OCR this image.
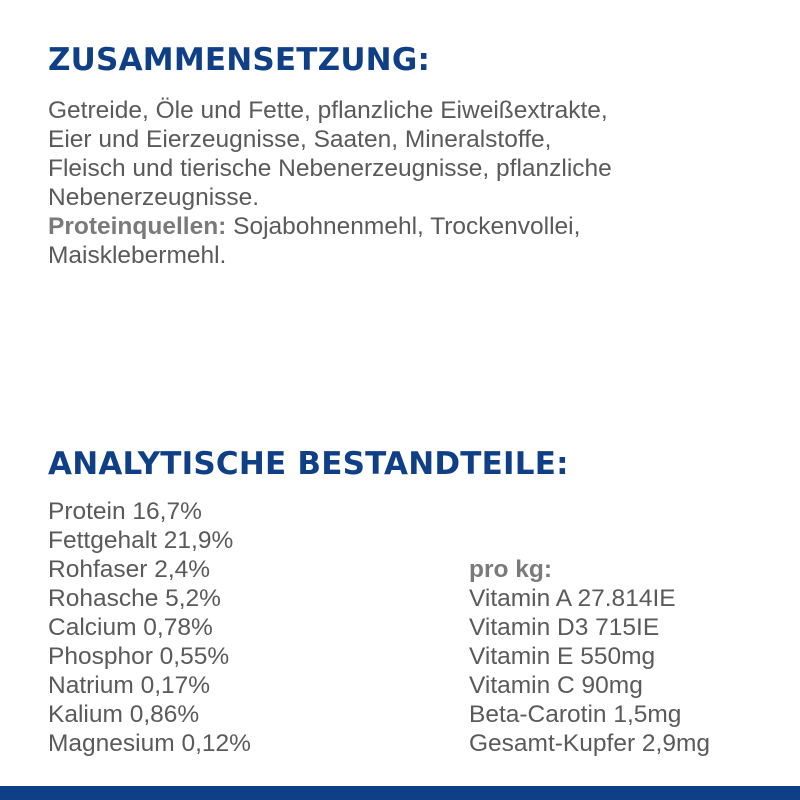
ZUSAMMENSETZUNG:
Getreide, Öle und Fette, pflanzliche Eiweißextrakte,
Eier und Eierzeugnisse, Saaten, Mineralstoffe,
Fleisch und tierische Nebenerzeugnisse, pflanzliche
Nebenerzeugnisse.
Proteinquellen: Sojabohnenmehl, Trockenvollei,
Maisklebermehl.
ANALYTISCHE BESTANDTEILE:
Protein 16,7%
Fettgehalt 21,9%
Rohfaser 2,4%
Rohasche 5,2%
Calcium 0,78%
Phosphor 0,55%
Natrium 0,17%
Kalium 0,86%
Magnesium 0,12%
pro kg:
Vitamin A 27.814IE
Vitamin D3 715IE
Vitamin E 550mg
Vitamin C 90mg
Beta-Carotin 1,5mg
Gesamt-Kupfer 2,9mg
